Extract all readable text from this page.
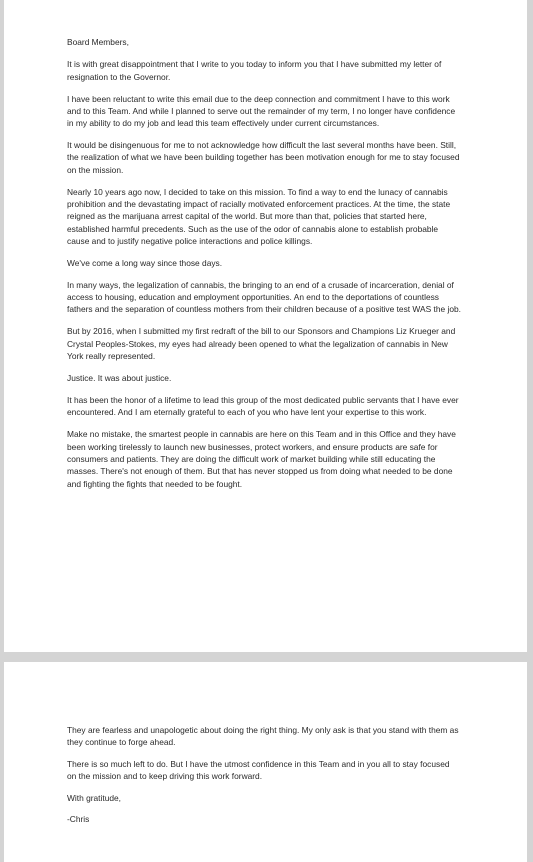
Board Members,

It is with great disappointment that I write to you today to inform you that I have submitted my letter of resignation to the Governor.

I have been reluctant to write this email due to the deep connection and commitment I have to this work and to this Team. And while I planned to serve out the remainder of my term, I no longer have confidence in my ability to do my job and lead this team effectively under current circumstances.

It would be disingenuous for me to not acknowledge how difficult the last several months have been. Still, the realization of what we have been building together has been motivation enough for me to stay focused on the mission.

Nearly 10 years ago now, I decided to take on this mission. To find a way to end the lunacy of cannabis prohibition and the devastating impact of racially motivated enforcement practices. At the time, the state reigned as the marijuana arrest capital of the world. But more than that, policies that started here, established harmful precedents. Such as the use of the odor of cannabis alone to establish probable cause and to justify negative police interactions and police killings.

We've come a long way since those days.

In many ways, the legalization of cannabis, the bringing to an end of a crusade of incarceration, denial of access to housing, education and employment opportunities. An end to the deportations of countless fathers and the separation of countless mothers from their children because of a positive test WAS the job.

But by 2016, when I submitted my first redraft of the bill to our Sponsors and Champions Liz Krueger and Crystal Peoples-Stokes, my eyes had already been opened to what the legalization of cannabis in New York really represented.

Justice. It was about justice.

It has been the honor of a lifetime to lead this group of the most dedicated public servants that I have ever encountered. And I am eternally grateful to each of you who have lent your expertise to this work.

Make no mistake, the smartest people in cannabis are here on this Team and in this Office and they have been working tirelessly to launch new businesses, protect workers, and ensure products are safe for consumers and patients. They are doing the difficult work of market building while still educating the masses. There's not enough of them. But that has never stopped us from doing what needed to be done and fighting the fights that needed to be fought.

They are fearless and unapologetic about doing the right thing. My only ask is that you stand with them as they continue to forge ahead.

There is so much left to do. But I have the utmost confidence in this Team and in you all to stay focused on the mission and to keep driving this work forward.

With gratitude,

-Chris
